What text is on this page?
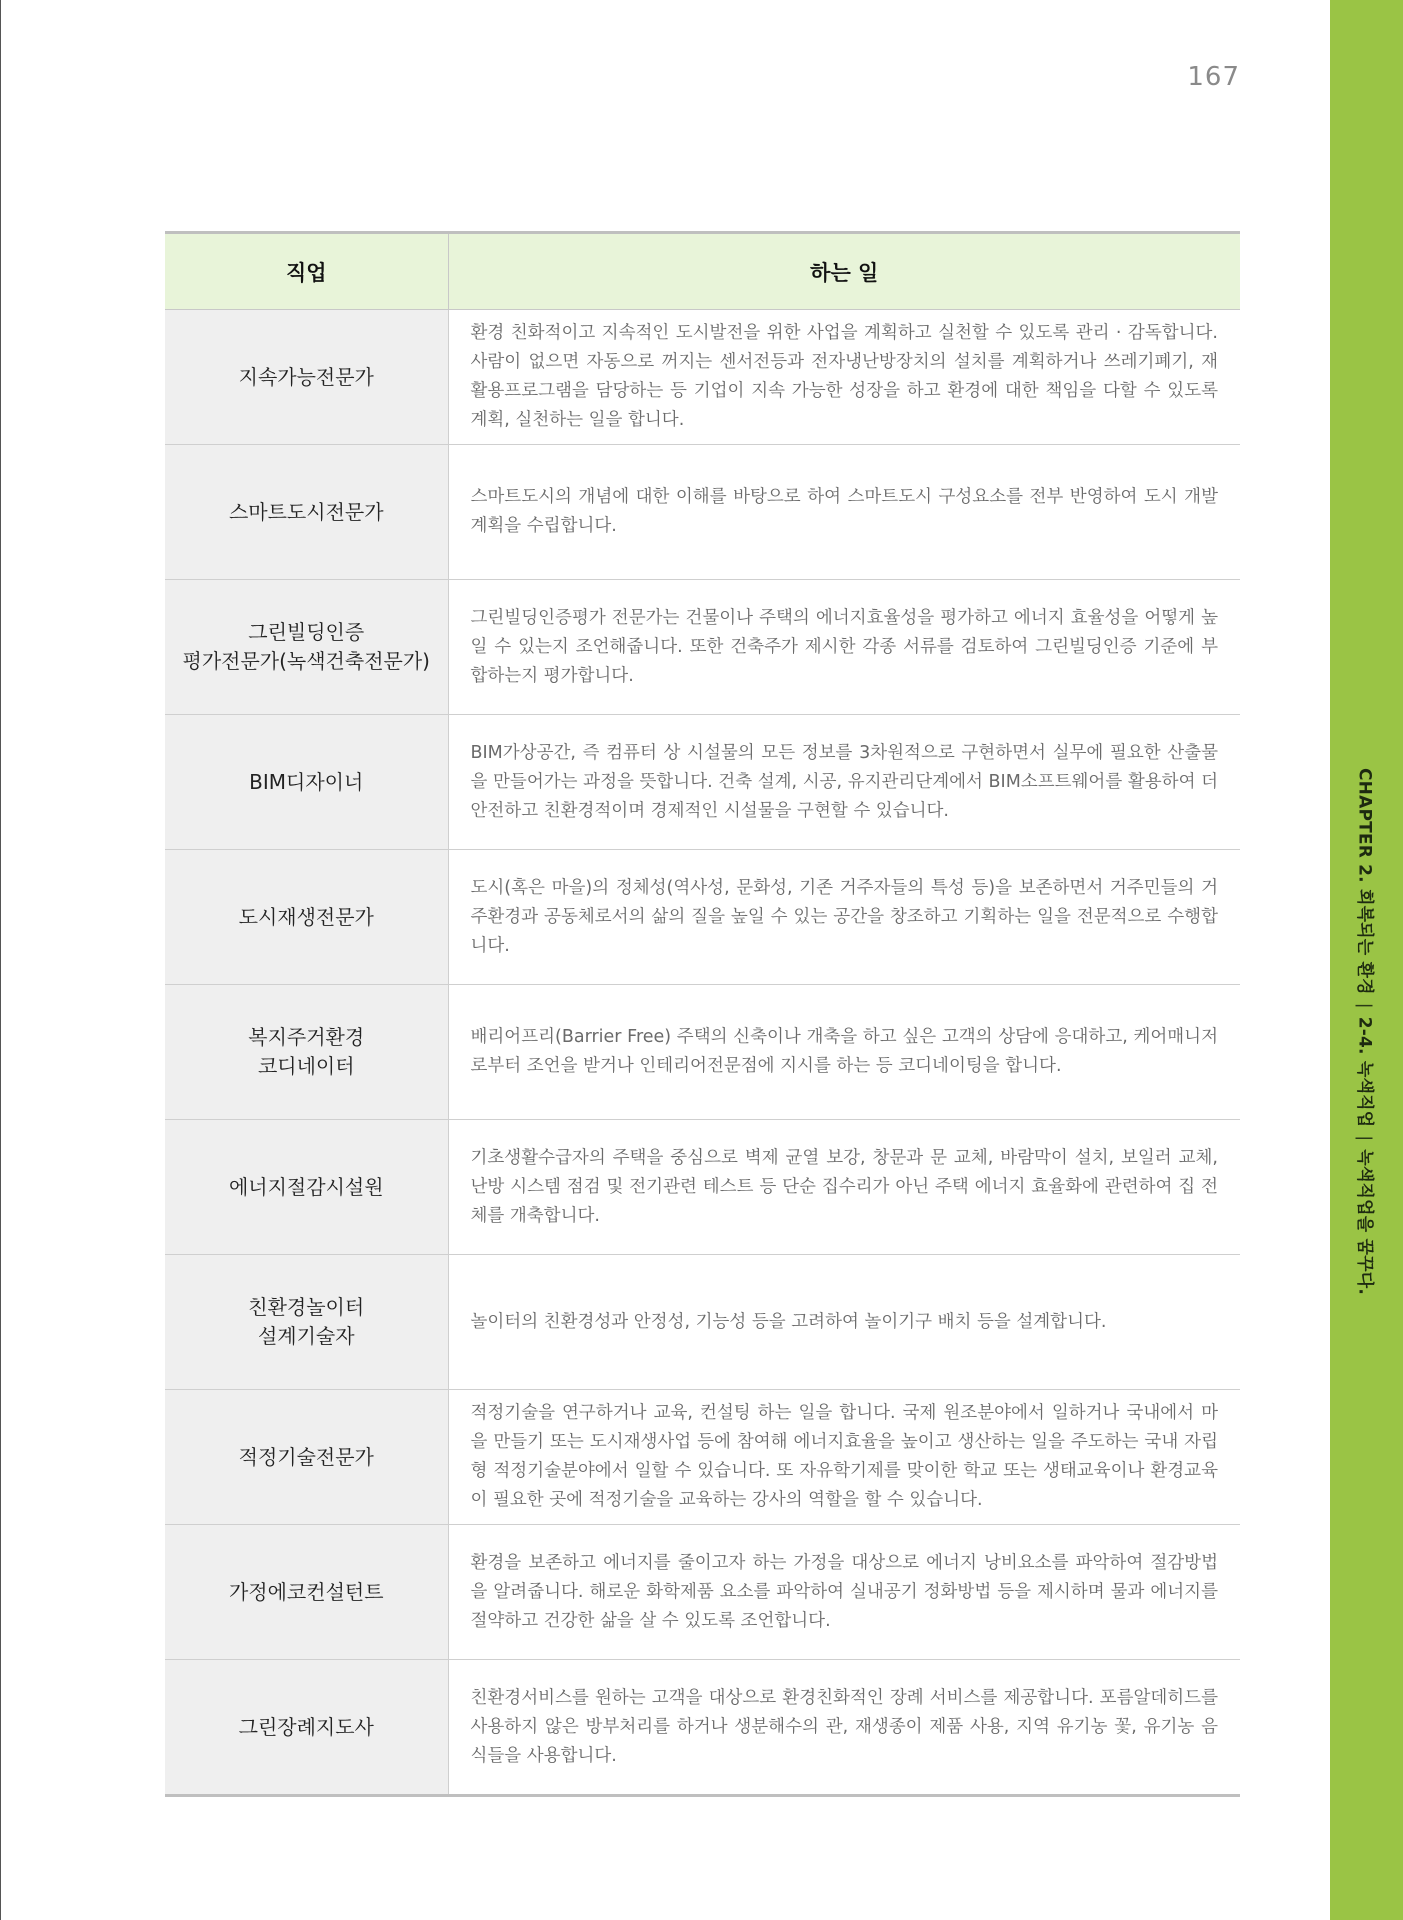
167
CHAPTER 2. 회복되는 환경|2-4. 녹색직업|녹색직업을 꿈꾸다.
직업	하는 일
지속가능전문가	환경 친화적이고 지속적인 도시발전을 위한 사업을 계획하고 실천할 수 있도록 관리 · 감독합니다. 사람이 없으면 자동으로 꺼지는 센서전등과 전자냉난방장치의 설치를 계획하거나 쓰레기폐기, 재활용프로그램을 담당하는 등 기업이 지속 가능한 성장을 하고 환경에 대한 책임을 다할 수 있도록 계획, 실천하는 일을 합니다.
스마트도시전문가	스마트도시의 개념에 대한 이해를 바탕으로 하여 스마트도시 구성요소를 전부 반영하여 도시 개발 계획을 수립합니다.
그린빌딩인증
평가전문가(녹색건축전문가)	그린빌딩인증평가 전문가는 건물이나 주택의 에너지효율성을 평가하고 에너지 효율성을 어떻게 높일 수 있는지 조언해줍니다. 또한 건축주가 제시한 각종 서류를 검토하여 그린빌딩인증 기준에 부합하는지 평가합니다.
BIM디자이너	BIM가상공간, 즉 컴퓨터 상 시설물의 모든 정보를 3차원적으로 구현하면서 실무에 필요한 산출물을 만들어가는 과정을 뜻합니다. 건축 설계, 시공, 유지관리단계에서 BIM소프트웨어를 활용하여 더 안전하고 친환경적이며 경제적인 시설물을 구현할 수 있습니다.
도시재생전문가	도시(혹은 마을)의 정체성(역사성, 문화성, 기존 거주자들의 특성 등)을 보존하면서 거주민들의 거주환경과 공동체로서의 삶의 질을 높일 수 있는 공간을 창조하고 기획하는 일을 전문적으로 수행합니다.
복지주거환경
코디네이터	배리어프리(Barrier Free) 주택의 신축이나 개축을 하고 싶은 고객의 상담에 응대하고, 케어매니저로부터 조언을 받거나 인테리어전문점에 지시를 하는 등 코디네이팅을 합니다.
에너지절감시설원	기초생활수급자의 주택을 중심으로 벽제 균열 보강, 창문과 문 교체, 바람막이 설치, 보일러 교체, 난방 시스템 점검 및 전기관련 테스트 등 단순 집수리가 아닌 주택 에너지 효율화에 관련하여 집 전체를 개축합니다.
친환경놀이터
설계기술자	놀이터의 친환경성과 안정성, 기능성 등을 고려하여 놀이기구 배치 등을 설계합니다.
적정기술전문가	적정기술을 연구하거나 교육, 컨설팅 하는 일을 합니다. 국제 원조분야에서 일하거나 국내에서 마을 만들기 또는 도시재생사업 등에 참여해 에너지효율을 높이고 생산하는 일을 주도하는 국내 자립형 적정기술분야에서 일할 수 있습니다. 또 자유학기제를 맞이한 학교 또는 생태교육이나 환경교육이 필요한 곳에 적정기술을 교육하는 강사의 역할을 할 수 있습니다.
가정에코컨설턴트	환경을 보존하고 에너지를 줄이고자 하는 가정을 대상으로 에너지 낭비요소를 파악하여 절감방법을 알려줍니다. 해로운 화학제품 요소를 파악하여 실내공기 정화방법 등을 제시하며 물과 에너지를 절약하고 건강한 삶을 살 수 있도록 조언합니다.
그린장례지도사	친환경서비스를 원하는 고객을 대상으로 환경친화적인 장례 서비스를 제공합니다. 포름알데히드를 사용하지 않은 방부처리를 하거나 생분해수의 관, 재생종이 제품 사용, 지역 유기농 꽃, 유기농 음식들을 사용합니다.
